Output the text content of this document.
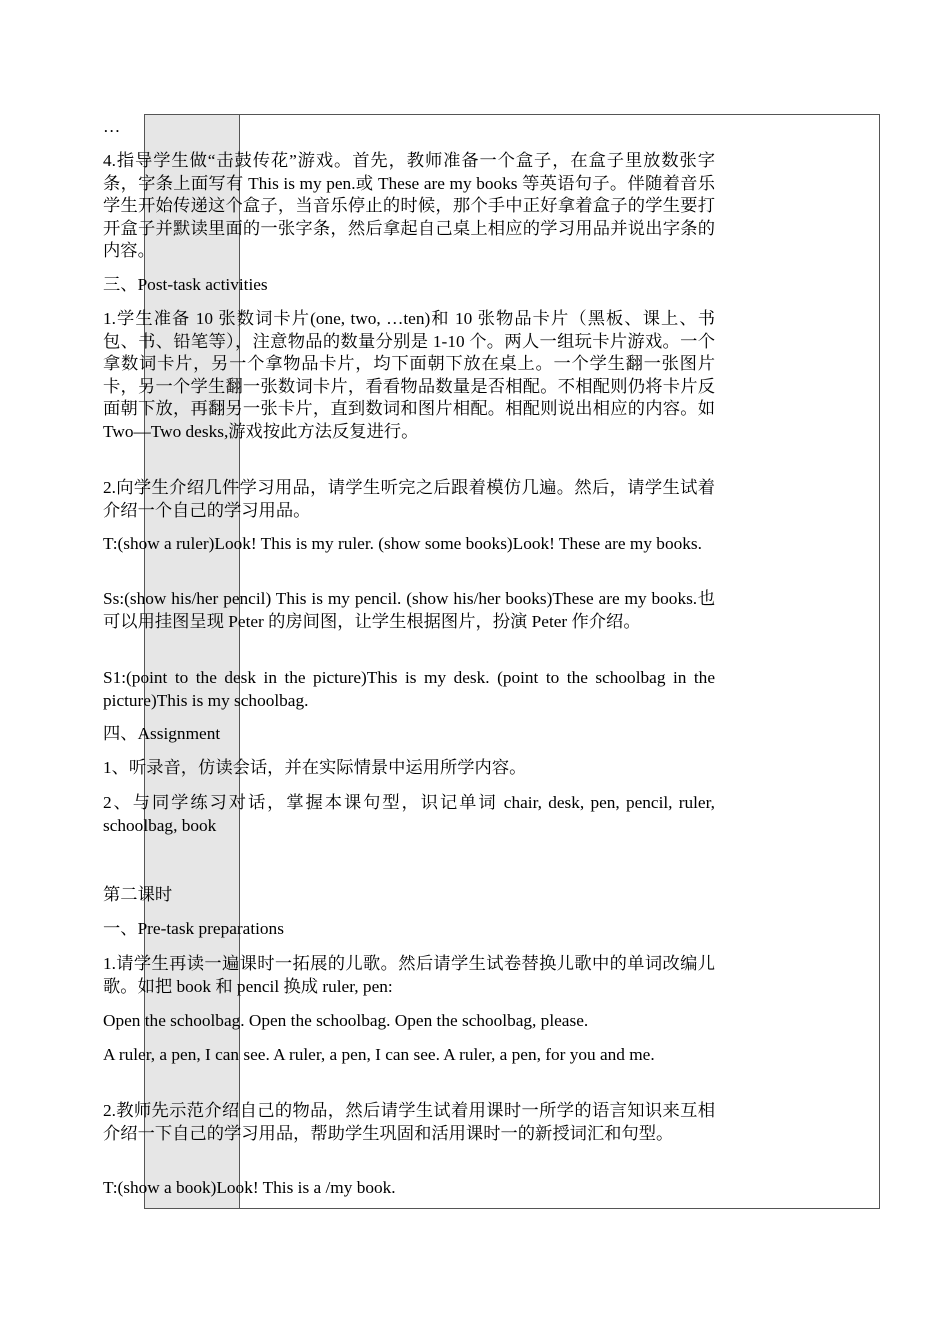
…
4.指导学生做“击鼓传花”游戏。首先，教师准备一个盒子，在盒子里放数张字条，字条上面写有 This is my pen.或 These are my books 等英语句子。伴随着音乐学生开始传递这个盒子，当音乐停止的时候，那个手中正好拿着盒子的学生要打开盒子并默读里面的一张字条，然后拿起自己桌上相应的学习用品并说出字条的内容。
三、Post-task activities
1.学生准备 10 张数词卡片(one, two, …ten)和 10 张物品卡片（黑板、课上、书包、书、铅笔等），注意物品的数量分别是 1-10 个。两人一组玩卡片游戏。一个拿数词卡片，另一个拿物品卡片，均下面朝下放在桌上。一个学生翻一张图片卡，另一个学生翻一张数词卡片，看看物品数量是否相配。不相配则仍将卡片反面朝下放，再翻另一张卡片，直到数词和图片相配。相配则说出相应的内容。如 Two—Two desks,游戏按此方法反复进行。
2.向学生介绍几件学习用品，请学生听完之后跟着模仿几遍。然后，请学生试着介绍一个自己的学习用品。
T:(show a ruler)Look! This is my ruler. (show some books)Look! These are my books.
Ss:(show his/her pencil) This is my pencil. (show his/her books)These are my books.也可以用挂图呈现 Peter 的房间图，让学生根据图片，扮演 Peter 作介绍。
S1:(point to the desk in the picture)This is my desk. (point to the schoolbag in the picture)This is my schoolbag.
四、Assignment
1、听录音，仿读会话，并在实际情景中运用所学内容。
2、与同学练习对话，掌握本课句型，识记单词 chair, desk, pen, pencil, ruler, schoolbag, book
第二课时
一、Pre-task preparations
1.请学生再读一遍课时一拓展的儿歌。然后请学生试卷替换儿歌中的单词改编儿歌。如把 book 和 pencil 换成 ruler, pen:
Open the schoolbag. Open the schoolbag. Open the schoolbag, please.
A ruler, a pen, I can see. A ruler, a pen, I can see. A ruler, a pen, for you and me.
2.教师先示范介绍自己的物品，然后请学生试着用课时一所学的语言知识来互相介绍一下自己的学习用品，帮助学生巩固和活用课时一的新授词汇和句型。
T:(show a book)Look! This is a /my book.
